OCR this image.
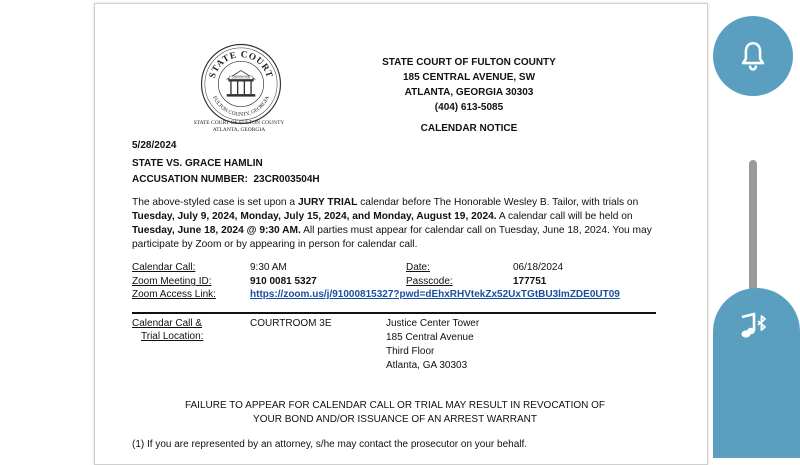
STATE COURT
FULTON COUNTY, GEORGIA
CONSTITUTION
STATE COURT OF FULTON COUNTY
ATLANTA, GEORGIA
STATE COURT OF FULTON COUNTY
185 CENTRAL AVENUE, SW
ATLANTA, GEORGIA 30303
(404) 613-5085
CALENDAR NOTICE
5/28/2024
STATE VS. GRACE HAMLIN
ACCUSATION NUMBER: 23CR003504H
The above-styled case is set upon a JURY TRIAL calendar before The Honorable Wesley B. Tailor, with trials on Tuesday, July 9, 2024, Monday, July 15, 2024, and Monday, August 19, 2024. A calendar call will be held on Tuesday, June 18, 2024 @ 9:30 AM. All parties must appear for calendar call on Tuesday, June 18, 2024. You may participate by Zoom or by appearing in person for calendar call.
Calendar Call:	9:30 AM	Date:	06/18/2024
Zoom Meeting ID:	910 0081 5327	Passcode:	177751
Zoom Access Link:	https://zoom.us/j/91000815327?pwd=dEhxRHVtekZx52UxTGtBU3lmZDE0UT09
Calendar Call &
Trial Location:
COURTROOM 3E	Justice Center Tower
185 Central Avenue
Third Floor
Atlanta, GA 30303
FAILURE TO APPEAR FOR CALENDAR CALL OR TRIAL MAY RESULT IN REVOCATION OF
YOUR BOND AND/OR ISSUANCE OF AN ARREST WARRANT
(1) If you are represented by an attorney, s/he may contact the prosecutor on your behalf.
